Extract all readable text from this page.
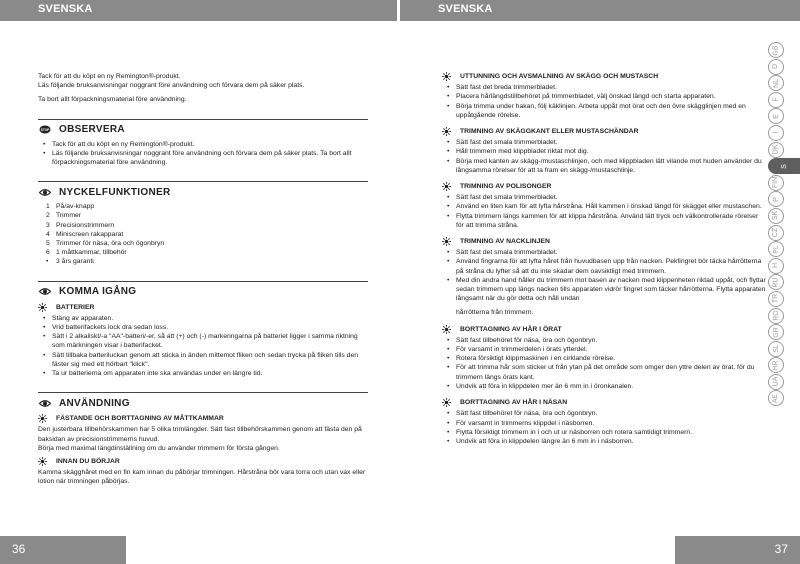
SVENSKA

Tack för att du köpt en ny Remington®-produkt.

Läs följande bruksanvisningar noggrant före användning och förvara dem på säker plats.

Ta bort allt förpackningsmaterial före användning.

STOP OBSERVERA
• Tack för att du köpt en ny Remington®-produkt.
• Läs följande bruksanvisningar noggrant före användning och förvara dem på säker plats. Ta bort allt förpackningsmaterial före användning.
NYCKELFUNKTIONER
1 På/av-knapp
2 Trimmer
3 Precisionstrimmern
4 Miniscreen rakapparat
5 Trimmer för näsa, öra och ögonbryn
6 1 måttkammar, tillbehör
• 3 års garanti
KOMMA IGÅNG
BATTERIER
• Stäng av apparaten.
• Vrid batterifackets lock dra sedan loss.
• Sätt i 2 alkaliskt/-a "AA"-batteri/-er, så att (+) och (-) markeringarna på batteriet ligger i samma riktning som märkningen visar i batterifacket.
• Sätt tillbaka batteriluckan genom att sticka in änden mittemot fliken och sedan trycka på fliken tills den fäster sig med ett hörbart "klick".
• Ta ur batterierna om apparaten inte ska användas under en längre tid.
ANVÄNDNING
FÄSTANDE OCH BORTTAGNING AV MÅTTKAMMAR

Den justerbara tillbehörskammen har 5 olika trimlängder. Sätt fast tillbehörskammen genom att fästa den på baksidan av precisionstrimmerns huvud.

Börja med maximal längdinställning om du använder trimmern för första gången.

INNAN DU BÖRJAR

Kamma skägghåret med en fin kam innan du påbörjar trimningen. Hårstråna bör vara torra och utan vax eller lotion när trimningen påbörjas.

36
SVENSKA
UTTUNNING OCH AVSMALNING AV SKÄGG OCH MUSTASCH
• Sätt fast det breda trimmerbladet.
• Placera hårlängdstillbehöret på trimmerbladet, välj önskad längd och starta apparaten.
• Börja trimma under hakan, följ käklinjen. Arbeta uppåt mot örat och den övre skägglinjen med en uppåtgående rörelse.
TRIMNING AV SKÄGGKANT ELLER MUSTASCHÄNDAR
• Sätt fast det smala trimmerbladet.
• Håll trimmern med klippbladet riktat mot dig.
• Börja med kanten av skägg-/mustaschlinjen, och med klippbladen lätt vilande mot huden använder du långsamma rörelser för att ta fram en skägg-/mustaschlinje.
TRIMNING AV POLISONGER
• Sätt fast det smala trimmerbladet.
• Använd en liten kam för att lyfta hårstråna. Håll kammen i önskad längd för skägget eller mustaschen.
• Flytta trimmern längs kammen för att klippa hårstråna. Använd lätt tryck och välkontrollerade rörelser för att trimma stråna.
TRIMNING AV NACKLINJEN
• Sätt fast det smala trimmerbladet.
• Använd fingrarna för att lyfta håret från huvudbasen upp från nacken. Pekfingret bör täcka hårrötterna på stråna du lyfter så att du inte skadar dem oavsiktligt med trimmern.
• Med din andra hand håller du trimmern mot basen av nacken med klippenheten riktad uppåt, och flyttar sedan trimmern upp längs nacken tills apparaten vidrör fingret som täcker hårrötterna. Flytta apparaten långsamt när du gör detta och håll undan

hårrötterna från trimmern.

BORTTAGNING AV HÅR I ÖRAT
• Sätt fast tillbehöret för näsa, öra och ögonbryn.
• För varsamt in trimmerdelen i örats ytterdel.
• Rotera försiktigt klippmaskinen i en cirklande rörelse.
• För att trimma hår som sticker ut från ytan på det område som omger den yttre delen av örat, för du trimmern längs örats kant.
• Undvik att föra in klippdelen mer än 6 mm in i öronkanalen.
BORTTAGNING AV HÅR I NÄSAN
• Sätt fast tillbehöret för näsa, öra och ögonbryn.
• För varsamt in trimmerns klippdel i näsborren.
• Flytta försiktigt trimmern in i och ut ur näsborren och rotera samtidigt trimmern.
• Undvik att föra in klippdelen längre än 6 mm in i näsborren.
GB
D
NL
F
E
I
DK
S
FIN
P
SK
CZ
PL
H
RU
TR
RO
GR
SL
HR
UA
AE
37
